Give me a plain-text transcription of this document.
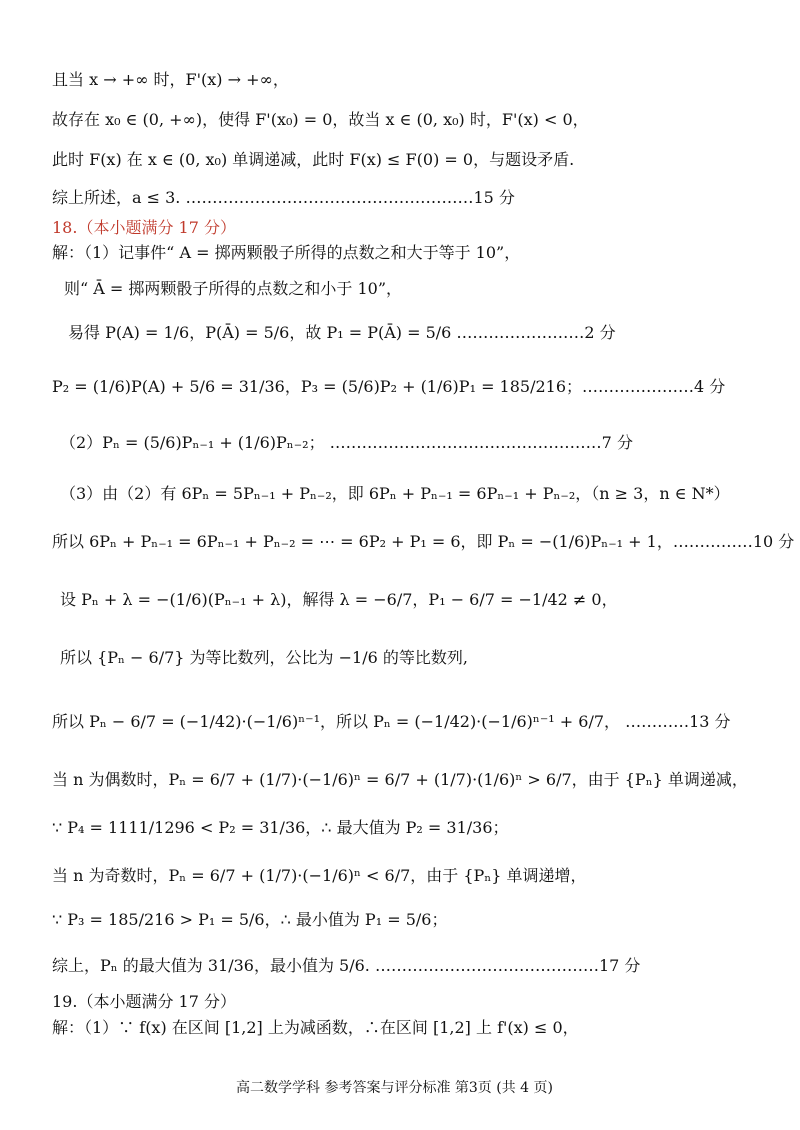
且当 x → +∞ 时，F'(x) → +∞，
故存在 x₀ ∈ (0, +∞)，使得 F'(x₀) = 0，故当 x ∈ (0, x₀) 时，F'(x) < 0，
此时 F(x) 在 x ∈ (0, x₀) 单调递减，此时 F(x) ≤ F(0) = 0，与题设矛盾.
综上所述，a ≤ 3. ………………………………………………15 分
18.（本小题满分 17 分）
解：（1）记事件“ A = 掷两颗骰子所得的点数之和大于等于 10”，
则“ Ā = 掷两颗骰子所得的点数之和小于 10”，
易得 P(A) = 1/6，P(Ā) = 5/6，故 P₁ = P(Ā) = 5/6 ……………………2 分
P₂ = (1/6)P(A) + 5/6 = 31/36，P₃ = (5/6)P₂ + (1/6)P₁ = 185/216；…………………4 分
（2）Pₙ = (5/6)Pₙ₋₁ + (1/6)Pₙ₋₂； ……………………………………………7 分
（3）由（2）有 6Pₙ = 5Pₙ₋₁ + Pₙ₋₂，即 6Pₙ + Pₙ₋₁ = 6Pₙ₋₁ + Pₙ₋₂，（n ≥ 3，n ∈ N*）
所以 6Pₙ + Pₙ₋₁ = 6Pₙ₋₁ + Pₙ₋₂ = ⋯ = 6P₂ + P₁ = 6，即 Pₙ = −(1/6)Pₙ₋₁ + 1，……………10 分
设 Pₙ + λ = −(1/6)(Pₙ₋₁ + λ)，解得 λ = −6/7，P₁ − 6/7 = −1/42 ≠ 0，
所以 {Pₙ − 6/7} 为等比数列，公比为 −1/6 的等比数列,
所以 Pₙ − 6/7 = (−1/42)·(−1/6)ⁿ⁻¹，所以 Pₙ = (−1/42)·(−1/6)ⁿ⁻¹ + 6/7， …………13 分
当 n 为偶数时，Pₙ = 6/7 + (1/7)·(−1/6)ⁿ = 6/7 + (1/7)·(1/6)ⁿ > 6/7，由于 {Pₙ} 单调递减，
∵ P₄ = 1111/1296 < P₂ = 31/36，∴ 最大值为 P₂ = 31/36；
当 n 为奇数时，Pₙ = 6/7 + (1/7)·(−1/6)ⁿ < 6/7，由于 {Pₙ} 单调递增，
∵ P₃ = 185/216 > P₁ = 5/6，∴ 最小值为 P₁ = 5/6；
综上，Pₙ 的最大值为 31/36，最小值为 5/6. ……………………………………17 分
19.（本小题满分 17 分）
解：（1）∵ f(x) 在区间 [1,2] 上为减函数，∴在区间 [1,2] 上 f'(x) ≤ 0，
高二数学学科 参考答案与评分标准 第3页 (共 4 页)
